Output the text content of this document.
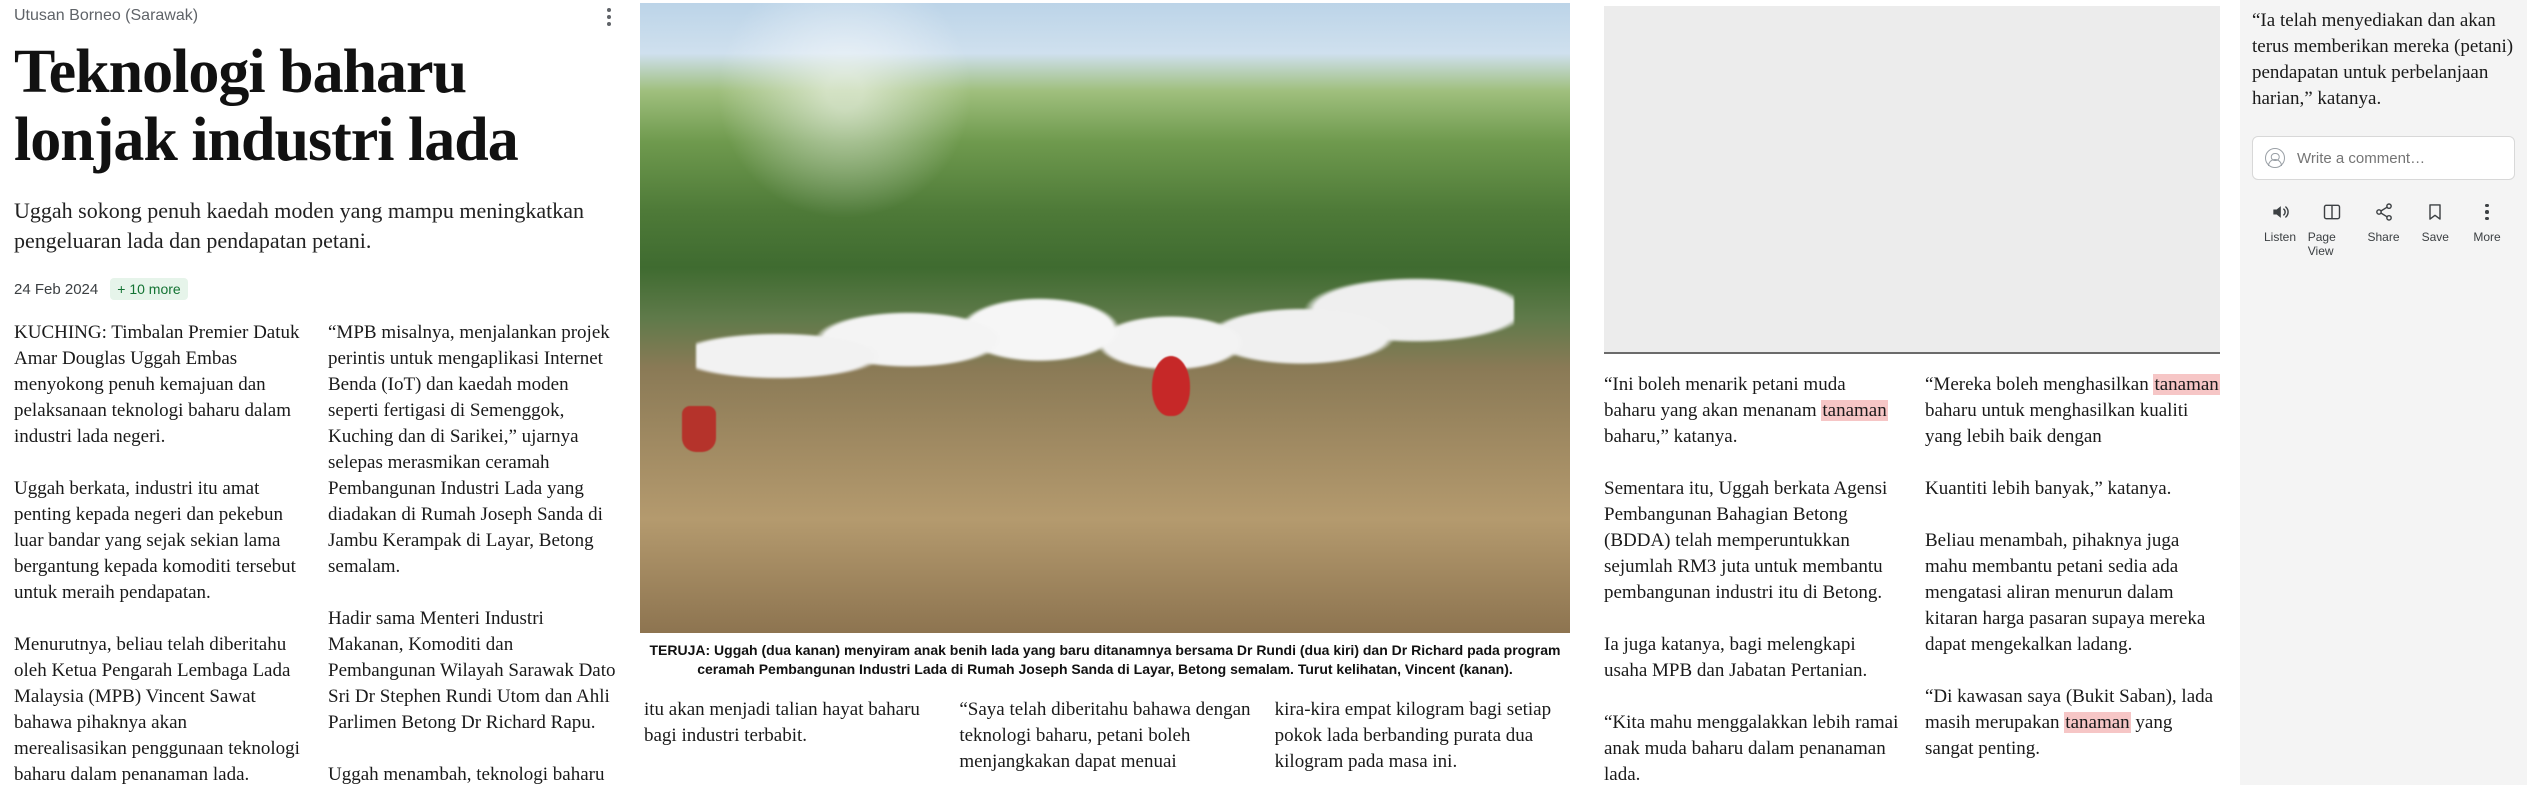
Utusan Borneo (Sarawak)
Teknologi baharu lonjak industri lada

Uggah sokong penuh kaedah moden yang mampu meningkatkan pengeluaran lada dan pendapatan petani.

24 Feb 2024	+ 10 more

KUCHING: Timbalan Premier Datuk Amar Douglas Uggah Embas menyokong penuh kemajuan dan pelaksanaan teknologi baharu dalam industri lada negeri.

Uggah berkata, industri itu amat penting kepada negeri dan pekebun luar bandar yang sejak sekian lama bergantung kepada komoditi tersebut untuk meraih pendapatan.

Menurutnya, beliau telah diberitahu oleh Ketua Pengarah Lembaga Lada Malaysia (MPB) Vincent Sawat bahawa pihaknya akan merealisasikan penggunaan teknologi baharu dalam penanaman lada.

“MPB misalnya, menjalankan projek perintis untuk mengaplikasi Internet Benda (IoT) dan kaedah moden seperti fertigasi di Semenggok, Kuching dan di Sarikei,” ujarnya selepas merasmikan ceramah Pembangunan Industri Lada yang diadakan di Rumah Joseph Sanda di Jambu Kerampak di Layar, Betong semalam.

Hadir sama Menteri Industri Makanan, Komoditi dan Pembangunan Wilayah Sarawak Dato Sri Dr Stephen Rundi Utom dan Ahli Parlimen Betong Dr Richard Rapu.

Uggah menambah, teknologi baharu

TERUJA: Uggah (dua kanan) menyiram anak benih lada yang baru ditanamnya bersama Dr Rundi (dua kiri) dan Dr Richard pada program ceramah Pembangunan Industri Lada di Rumah Joseph Sanda di Layar, Betong semalam. Turut kelihatan, Vincent (kanan).

itu akan menjadi talian hayat baharu bagi industri terbabit.

“Saya telah diberitahu bahawa dengan teknologi baharu, petani boleh menjangkakan dapat menuai

kira-kira empat kilogram bagi setiap pokok lada berbanding purata dua kilogram pada masa ini.

“Ini boleh menarik petani muda baharu yang akan menanam tanaman baharu,” katanya.

Sementara itu, Uggah berkata Agensi Pembangunan Bahagian Betong (BDDA) telah memperuntukkan sejumlah RM3 juta untuk membantu pembangunan industri itu di Betong.

Ia juga katanya, bagi melengkapi usaha MPB dan Jabatan Pertanian.

“Kita mahu menggalakkan lebih ramai anak muda baharu dalam penanaman lada.

“Mereka boleh menghasilkan tanaman baharu untuk menghasilkan kualiti yang lebih baik dengan

Kuantiti lebih banyak,” katanya.

Beliau menambah, pihaknya juga mahu membantu petani sedia ada mengatasi aliran menurun dalam kitaran harga pasaran supaya mereka dapat mengekalkan ladang.

“Di kawasan saya (Bukit Saban), lada masih merupakan tanaman yang sangat penting.

“Ia telah menyediakan dan akan terus memberikan mereka (petani) pendapatan untuk perbelanjaan harian,” katanya.

Write a comment…
Listen Page View
Share Save More
